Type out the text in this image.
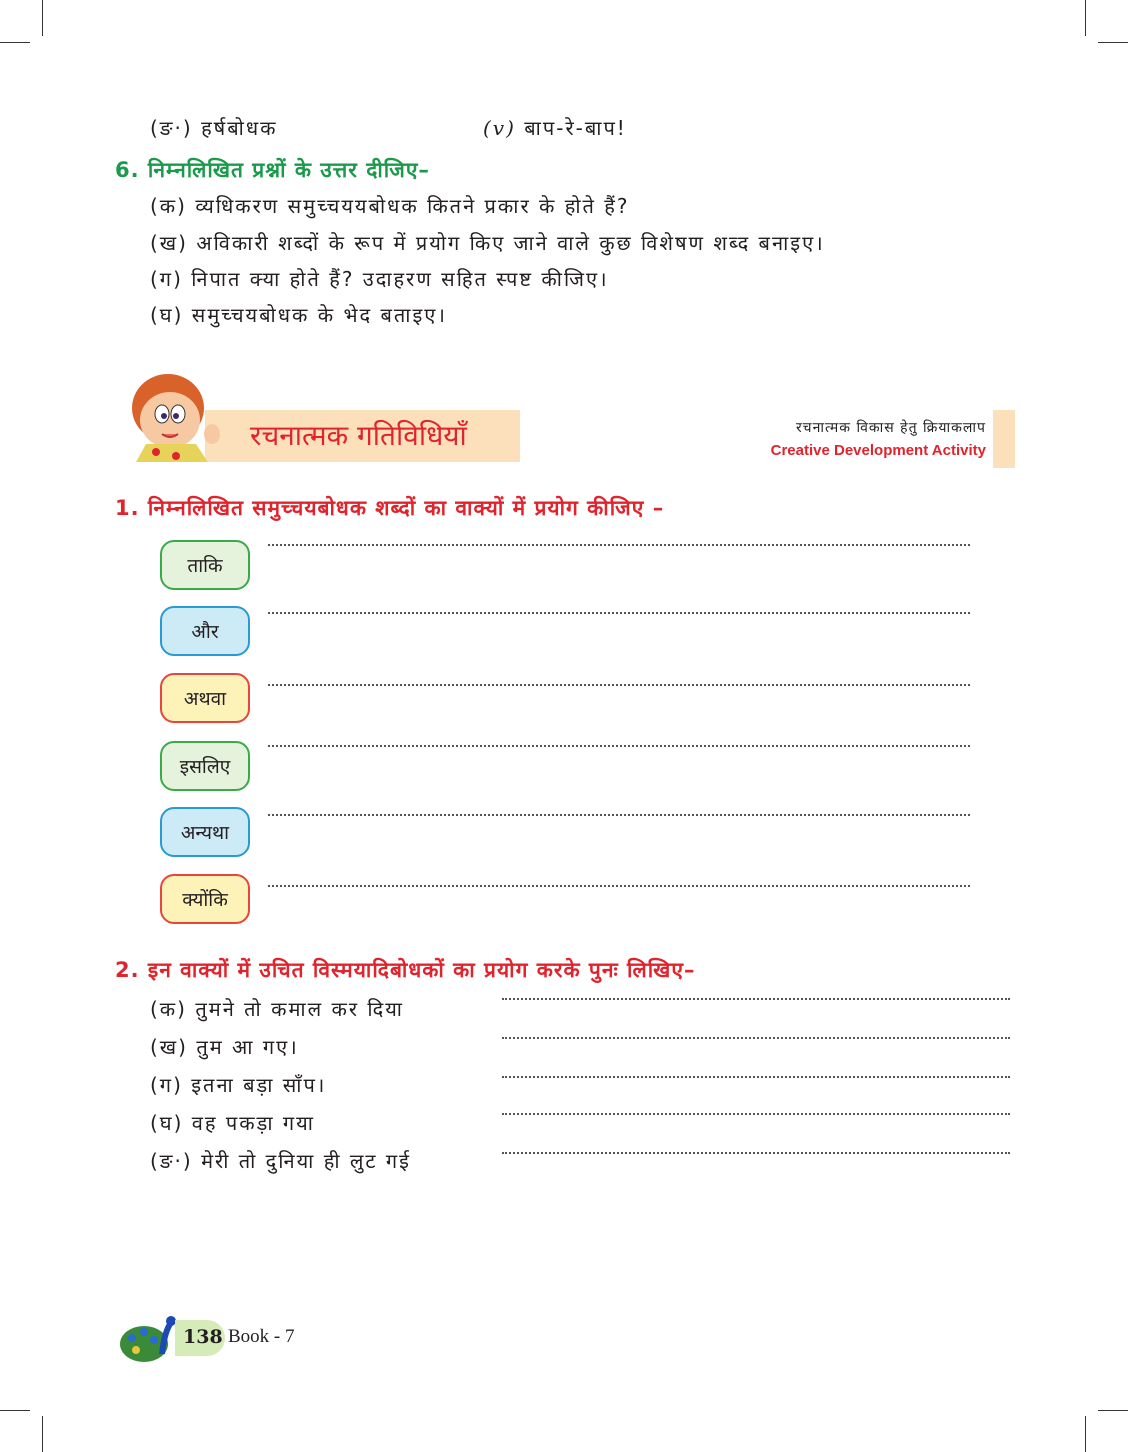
(ङ·) हर्षबोधक	(v) बाप-रे-बाप!
6. निम्नलिखित प्रश्नों के उत्तर दीजिए–
(क) व्यधिकरण समुच्चययबोधक कितने प्रकार के होते हैं?
(ख) अविकारी शब्दों के रूप में प्रयोग किए जाने वाले कुछ विशेषण शब्द बनाइए।
(ग) निपात क्या होते हैं? उदाहरण सहित स्पष्ट कीजिए।
(घ) समुच्चयबोधक के भेद बताइए।
रचनात्मक गतिविधियाँ	रचनात्मक विकास हेतु क्रियाकलाप
Creative Development Activity
1. निम्नलिखित समुच्चयबोधक शब्दों का वाक्यों में प्रयोग कीजिए –
ताकि
और
अथवा
इसलिए
अन्यथा
क्योंकि
2. इन वाक्यों में उचित विस्मयादिबोधकों का प्रयोग करके पुनः लिखिए–
(क) तुमने तो कमाल कर दिया
(ख) तुम आ गए।
(ग) इतना बड़ा साँप।
(घ) वह पकड़ा गया
(ङ·) मेरी तो दुनिया ही लुट गई
138 Book - 7
